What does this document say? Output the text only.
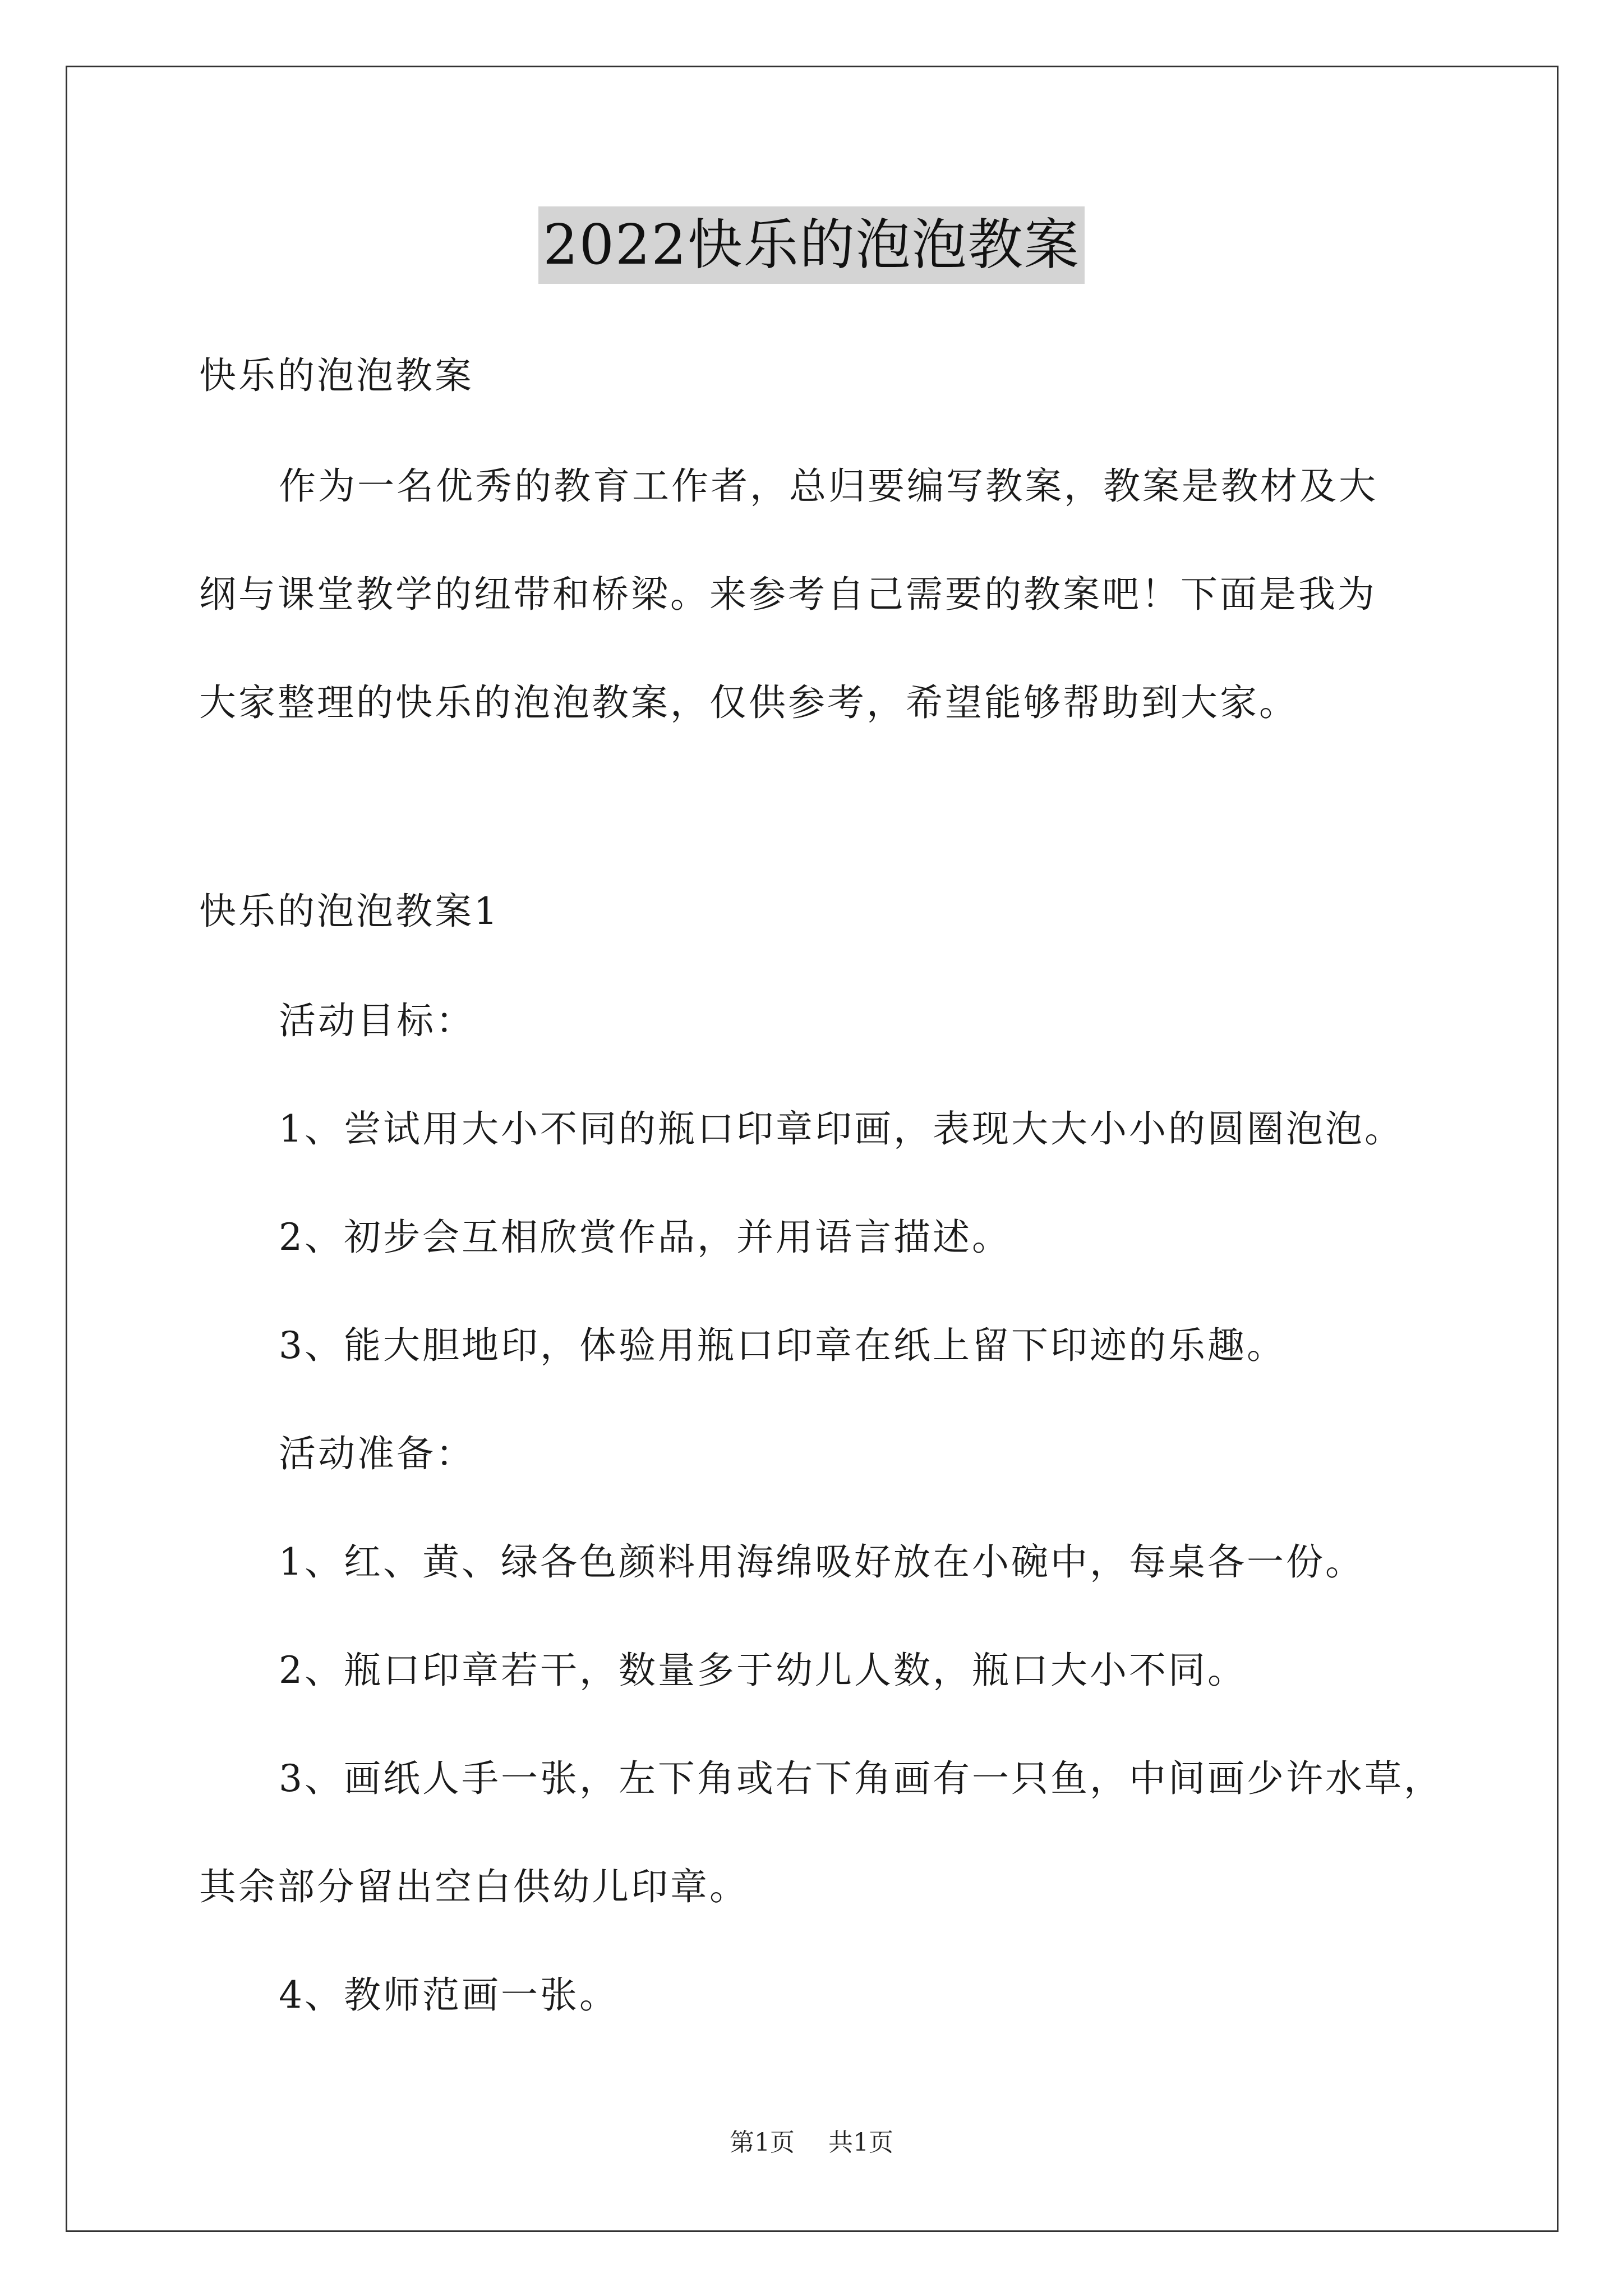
2022快乐的泡泡教案
快乐的泡泡教案
作为一名优秀的教育工作者，总归要编写教案，教案是教材及大
纲与课堂教学的纽带和桥梁。来参考自己需要的教案吧！下面是我为
大家整理的快乐的泡泡教案，仅供参考，希望能够帮助到大家。
快乐的泡泡教案1
活动目标：
1、尝试用大小不同的瓶口印章印画，表现大大小小的圆圈泡泡。
2、初步会互相欣赏作品，并用语言描述。
3、能大胆地印，体验用瓶口印章在纸上留下印迹的乐趣。
活动准备：
1、红、黄、绿各色颜料用海绵吸好放在小碗中，每桌各一份。
2、瓶口印章若干，数量多于幼儿人数，瓶口大小不同。
3、画纸人手一张，左下角或右下角画有一只鱼，中间画少许水草，
其余部分留出空白供幼儿印章。
4、教师范画一张。
第1页 共1页
